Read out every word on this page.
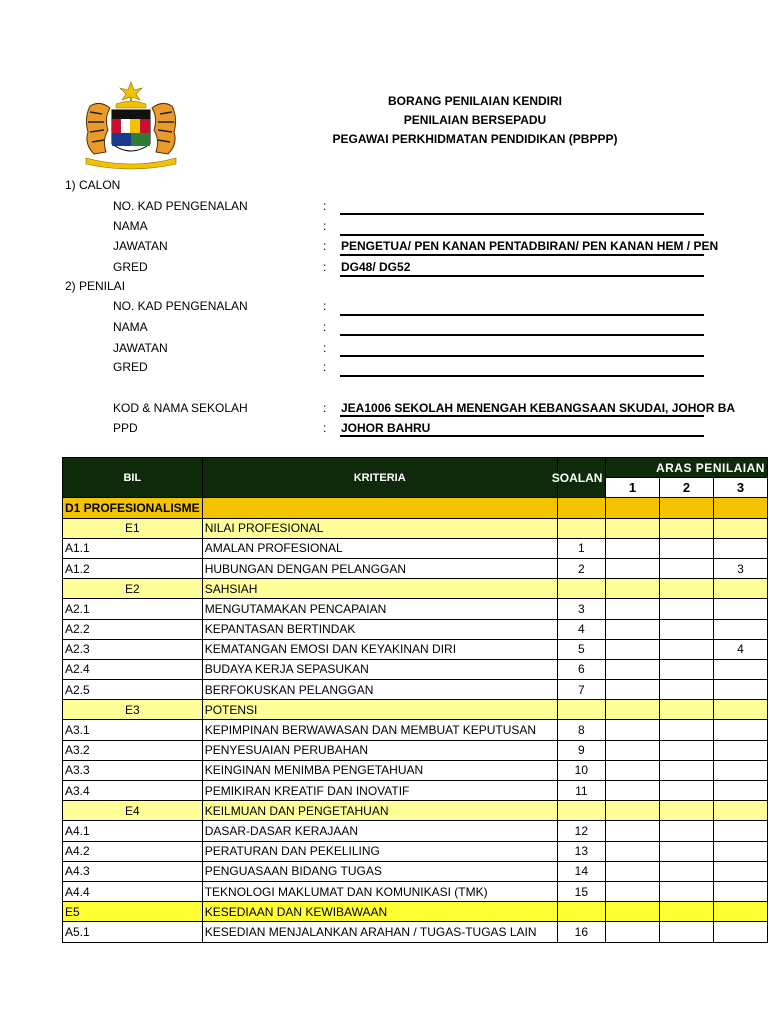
BORANG PENILAIAN KENDIRI
PENILAIAN BERSEPADU
PEGAWAI PERKHIDMATAN PENDIDIKAN (PBPPP)
1) CALON
NO. KAD PENGENALAN	:
NAMA	:
JAWATAN	: PENGETUA/ PEN KANAN PENTADBIRAN/ PEN KANAN HEM / PEN
GRED	: DG48/ DG52
2) PENILAI
NO. KAD PENGENALAN	:
NAMA	:
JAWATAN	:
GRED	:
KOD & NAMA SEKOLAH	: JEA1006 SEKOLAH MENENGAH KEBANGSAAN SKUDAI, JOHOR BA
PPD	: JOHOR BAHRU
BIL	KRITERIA	SOALAN	ARAS PENILAIAN		
			1	2	3
D1 PROFESIONALISME					
E1	NILAI PROFESIONAL				
A1.1	AMALAN PROFESIONAL	1			
A1.2	HUBUNGAN DENGAN PELANGGAN	2			3
E2	SAHSIAH				
A2.1	MENGUTAMAKAN PENCAPAIAN	3			
A2.2	KEPANTASAN BERTINDAK	4			
A2.3	KEMATANGAN EMOSI DAN KEYAKINAN DIRI	5			4
A2.4	BUDAYA KERJA SEPASUKAN	6			
A2.5	BERFOKUSKAN PELANGGAN	7			
E3	POTENSI				
A3.1	KEPIMPINAN BERWAWASAN DAN MEMBUAT KEPUTUSAN	8			
A3.2	PENYESUAIAN PERUBAHAN	9			
A3.3	KEINGINAN MENIMBA PENGETAHUAN	10			
A3.4	PEMIKIRAN KREATIF DAN INOVATIF	11			
E4	KEILMUAN DAN PENGETAHUAN				
A4.1	DASAR-DASAR KERAJAAN	12			
A4.2	PERATURAN DAN PEKELILING	13			
A4.3	PENGUASAAN BIDANG TUGAS	14			
A4.4	TEKNOLOGI MAKLUMAT DAN KOMUNIKASI (TMK)	15			
E5	KESEDIAAN DAN KEWIBAWAAN				
A5.1	KESEDIAN MENJALANKAN ARAHAN / TUGAS-TUGAS LAIN	16			
